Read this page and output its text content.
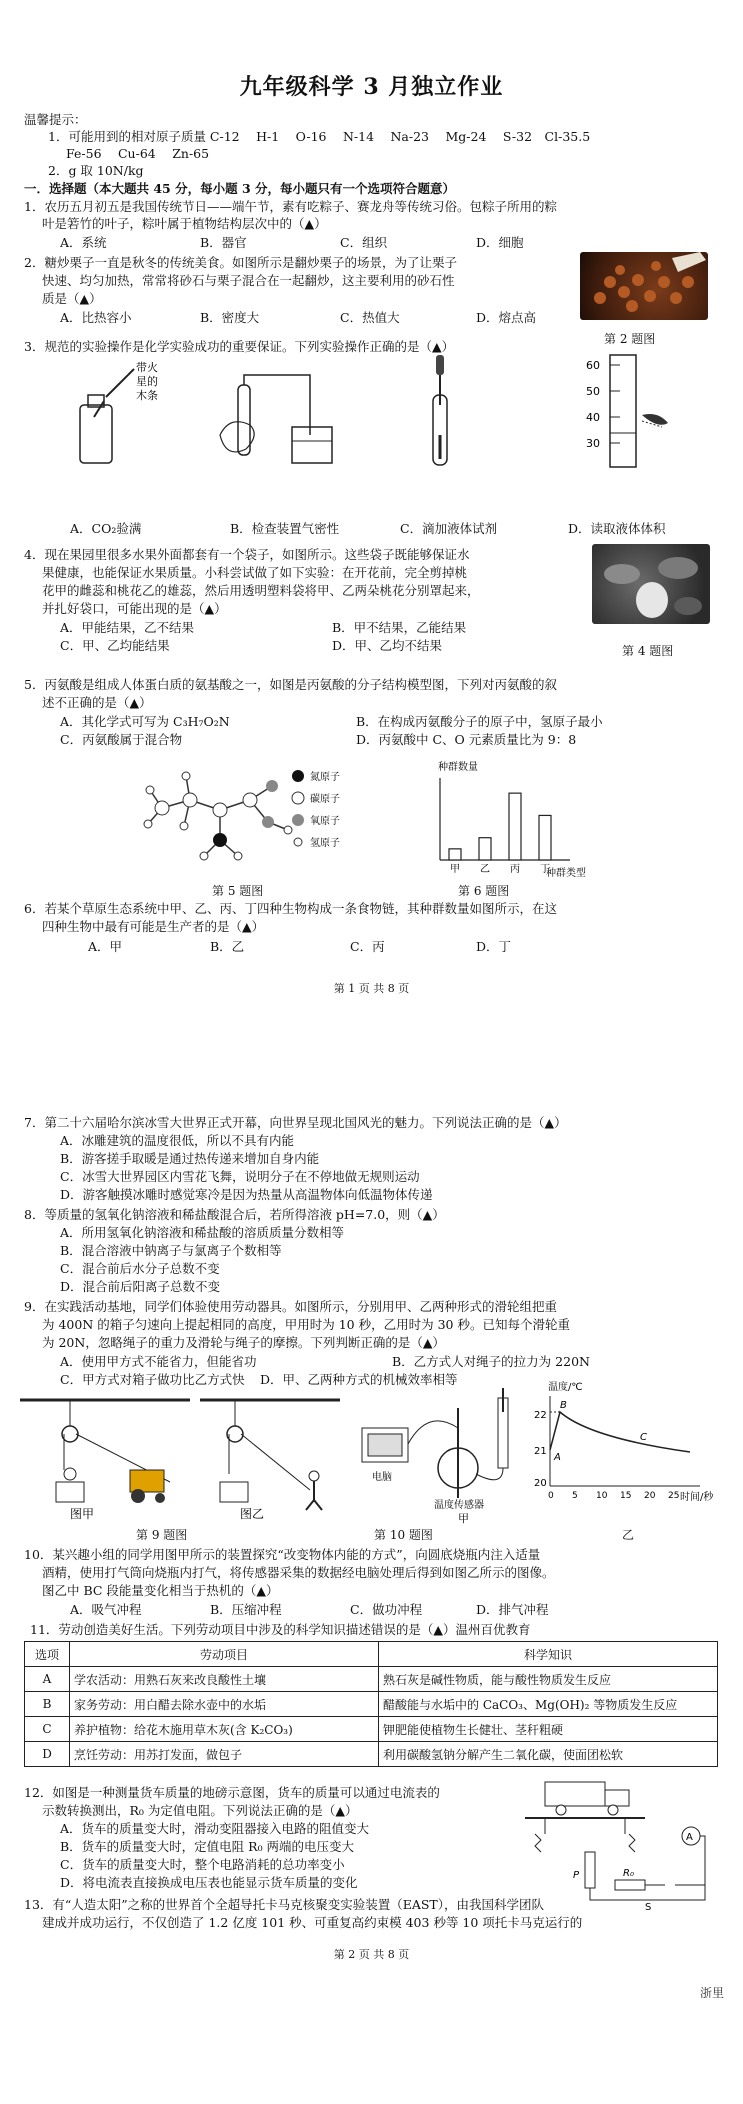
九年级科学 3 月独立作业
温馨提示：
1．可能用到的相对原子质量 C-12　 H-1　 O-16　 N-14　 Na-23　 Mg-24　 S-32　Cl-35.5
Fe-56　 Cu-64　 Zn-65
2．g 取 10N/kg
一．选择题（本大题共 45 分，每小题 3 分，每小题只有一个选项符合题意）
1．农历五月初五是我国传统节日——端午节，素有吃粽子、赛龙舟等传统习俗。包粽子所用的粽
叶是箬竹的叶子，粽叶属于植物结构层次中的（▲）
A．系统	B．器官	C．组织	D．细胞
2．糖炒栗子一直是秋冬的传统美食。如图所示是翻炒栗子的场景，为了让栗子
快速、均匀加热，常常将砂石与栗子混合在一起翻炒，这主要利用的砂石性
质是（▲）
A．比热容小	B．密度大	C．热值大	D．熔点高
第 2 题图
3．规范的实验操作是化学实验成功的重要保证。下列实验操作正确的是（▲）
带火
星的
木条
60
50
40
30
A．CO₂验满	B．检查装置气密性	C．滴加液体试剂	D．读取液体体积
4．现在果园里很多水果外面都套有一个袋子，如图所示。这些袋子既能够保证水
果健康，也能保证水果质量。小科尝试做了如下实验：在开花前，完全剪掉桃
花甲的雌蕊和桃花乙的雄蕊，然后用透明塑料袋将甲、乙两朵桃花分别罩起来，
并扎好袋口，可能出现的是（▲）
A．甲能结果，乙不结果	B．甲不结果，乙能结果
C．甲、乙均能结果	D．甲、乙均不结果	第 4 题图
5．丙氨酸是组成人体蛋白质的氨基酸之一，如图是丙氨酸的分子结构模型图，下列对丙氨酸的叙
述不正确的是（▲）
A．其化学式可写为 C₃H₇O₂N	B．在构成丙氨酸分子的原子中，氢原子最小
C．丙氨酸属于混合物	D．丙氨酸中 C、O 元素质量比为 9：8
氮原子
碳原子
氧原子
氢原子
第 5 题图
种群数量
种群类型
甲 乙 丙 丁
第 6 题图
6．若某个草原生态系统中甲、乙、丙、丁四种生物构成一条食物链，其种群数量如图所示，在这
四种生物中最有可能是生产者的是（▲）
A．甲	B．乙	C．丙	D．丁
第 1 页 共 8 页
7．第二十六届哈尔滨冰雪大世界正式开幕，向世界呈现北国风光的魅力。下列说法正确的是（▲）
A．冰雕建筑的温度很低，所以不具有内能
B．游客搓手取暖是通过热传递来增加自身内能
C．冰雪大世界园区内雪花飞舞，说明分子在不停地做无规则运动
D．游客触摸冰雕时感觉寒冷是因为热量从高温物体向低温物体传递
8．等质量的氢氧化钠溶液和稀盐酸混合后，若所得溶液 pH=7.0，则（▲）
A．所用氢氧化钠溶液和稀盐酸的溶质质量分数相等
B．混合溶液中钠离子与氯离子个数相等
C．混合前后水分子总数不变
D．混合前后阳离子总数不变
9．在实践活动基地，同学们体验使用劳动器具。如图所示，分别用甲、乙两种形式的滑轮组把重
为 400N 的箱子匀速向上提起相同的高度，甲用时为 10 秒，乙用时为 30 秒。已知每个滑轮重
为 20N，忽略绳子的重力及滑轮与绳子的摩擦。下列判断正确的是（▲）
A．使用甲方式不能省力，但能省功	B．乙方式人对绳子的拉力为 220N
C．甲方式对箱子做功比乙方式快 D．甲、乙两种方式的机械效率相等
图甲	图乙
第 9 题图
电脑
温度传感器
甲
温度/℃
时间/秒
22
21
20
0 5 10 15 20 25
A
B
C
第 10 题图	乙
10．某兴趣小组的同学用图甲所示的装置探究“改变物体内能的方式”，向圆底烧瓶内注入适量
酒精，使用打气筒向烧瓶内打气，将传感器采集的数据经电脑处理后得到如图乙所示的图像。
图乙中 BC 段能量变化相当于热机的（▲）
A．吸气冲程	B．压缩冲程	C．做功冲程	D．排气冲程
11．劳动创造美好生活。下列劳动项目中涉及的科学知识描述错误的是（▲）温州百优教育
选项	劳动项目	科学知识
A	学农活动：用熟石灰来改良酸性土壤	熟石灰是碱性物质，能与酸性物质发生反应
B	家务劳动：用白醋去除水壶中的水垢	醋酸能与水垢中的 CaCO₃、Mg(OH)₂ 等物质发生反应
C	养护植物：给花木施用草木灰(含 K₂CO₃)	钾肥能使植物生长健壮、茎秆粗硬
D	烹饪劳动：用苏打发面，做包子	利用碳酸氢钠分解产生二氧化碳，使面团松软
12．如图是一种测量货车质量的地磅示意图，货车的质量可以通过电流表的
示数转换测出，R₀ 为定值电阻。下列说法正确的是（▲）
A．货车的质量变大时，滑动变阻器接入电路的阻值变大
B．货车的质量变大时，定值电阻 R₀ 两端的电压变大
C．货车的质量变大时，整个电路消耗的总功率变小
D．将电流表直接换成电压表也能显示货车质量的变化
A
P	R₀
S
13．有“人造太阳”之称的世界首个全超导托卡马克核聚变实验装置（EAST），由我国科学团队
建成并成功运行，不仅创造了 1.2 亿度 101 秒、可重复高约束模 403 秒等 10 项托卡马克运行的
第 2 页 共 8 页
浙里
